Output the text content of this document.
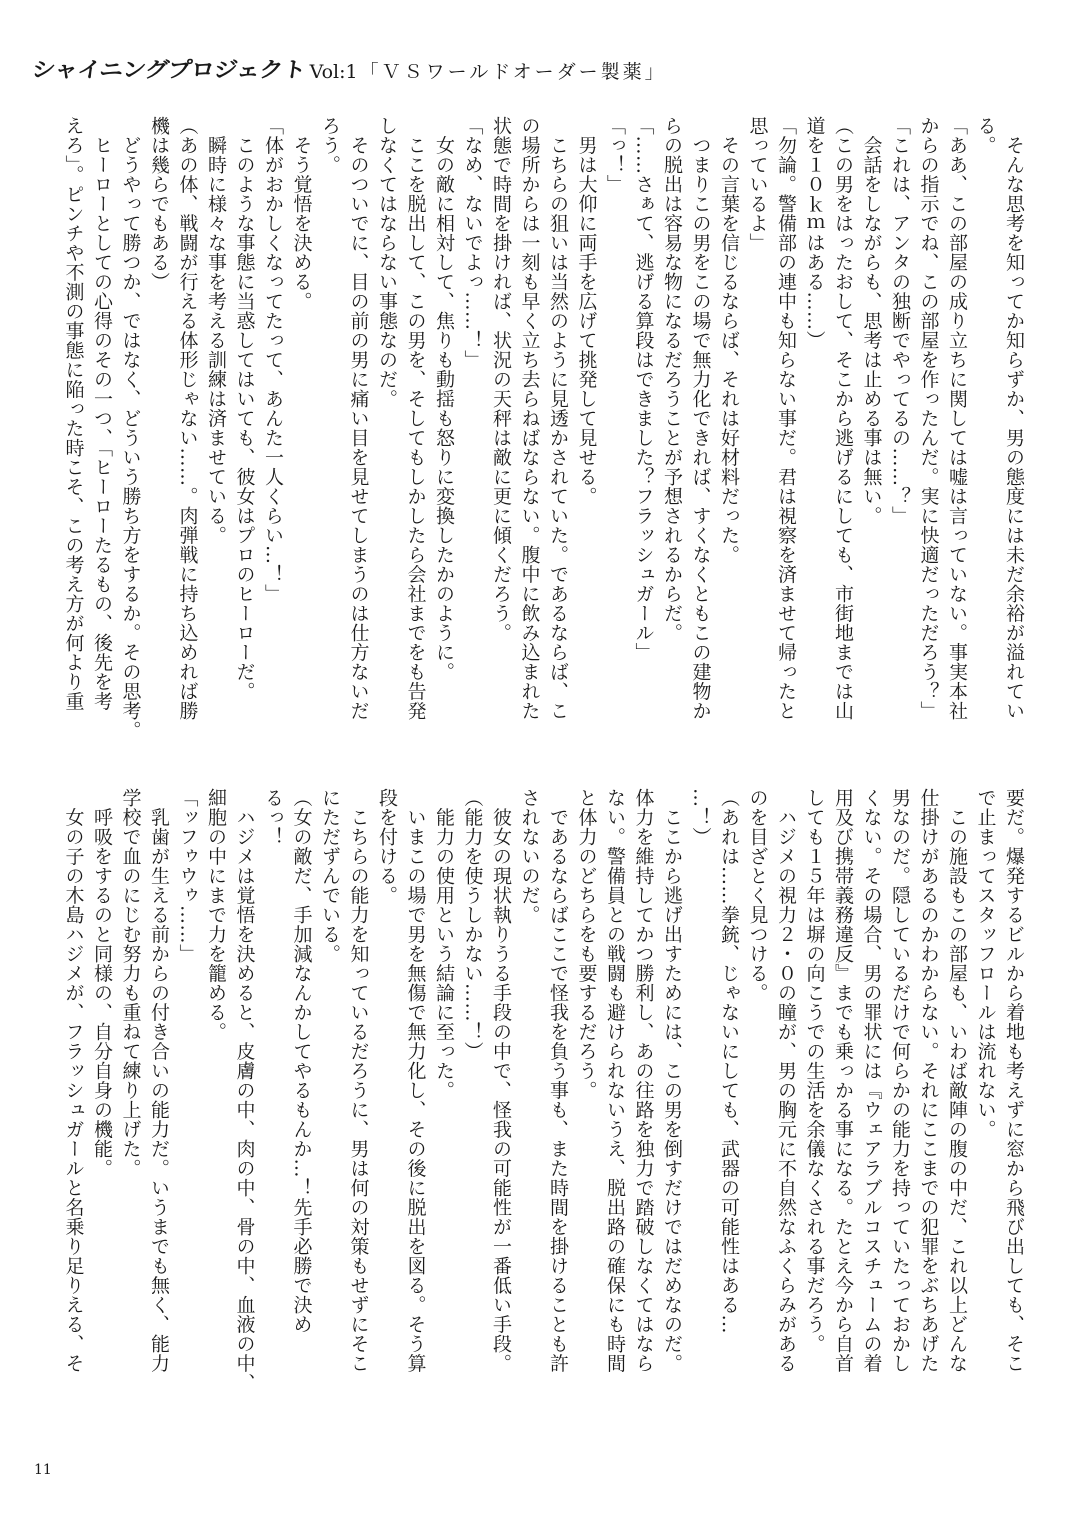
シャイニングプロジェクト Vol:1 「ＶＳワールドオーダー製薬」
　そんな思考を知ってか知らずか、男の態度には未だ余裕が溢れてい
る。
「ああ、この部屋の成り立ちに関しては嘘は言っていない。事実本社
からの指示でね、この部屋を作ったんだ。実に快適だっただろう？」
「これは、アンタの独断でやってるの……？」
　会話をしながらも、思考は止める事は無い。
（この男をはったおして、そこから逃げるにしても、市街地までは山
道を１０ｋｍはある……）
「勿論。警備部の連中も知らない事だ。君は視察を済ませて帰ったと
思っているよ」
　その言葉を信じるならば、それは好材料だった。
　つまりこの男をこの場で無力化できれば、すくなくともこの建物か
らの脱出は容易な物になるだろうことが予想されるからだ。
「……さぁて、逃げる算段はできました？フラッシュガール」
「っ！」
　男は大仰に両手を広げて挑発して見せる。
　こちらの狙いは当然のように見透かされていた。であるならば、こ
の場所からは一刻も早く立ち去らねばならない。腹中に飲み込まれた
状態で時間を掛ければ、状況の天秤は敵に更に傾くだろう。
「なめ、ないでよっ……！」
　女の敵に相対して、焦りも動揺も怒りに変換したかのように。
　ここを脱出して、この男を、そしてもしかしたら会社までをも告発
しなくてはならない事態なのだ。
　そのついでに、目の前の男に痛い目を見せてしまうのは仕方ないだ
ろう。
　そう覚悟を決める。
「体がおかしくなってたって、あんた一人くらい…！」
　このような事態に当惑してはいても、彼女はプロのヒーローだ。
　瞬時に様々な事を考える訓練は済ませている。
（あの体、戦闘が行える体形じゃない……。肉弾戦に持ち込めれば勝
機は幾らでもある）
　どうやって勝つか、ではなく、どういう勝ち方をするか。その思考。
　ヒーローとしての心得のその一つ、「ヒーローたるもの、後先を考
えろ」。ピンチや不測の事態に陥った時こそ、この考え方が何より重
要だ。爆発するビルから着地も考えずに窓から飛び出しても、そこ
で止まってスタッフロールは流れない。
　この施設もこの部屋も、いわば敵陣の腹の中だ、これ以上どんな
仕掛けがあるのかわからない。それにここまでの犯罪をぶちあげた
男なのだ。隠しているだけで何らかの能力を持っていたっておかし
くない。その場合、男の罪状には『ウェアラブルコスチュームの着
用及び携帯義務違反』までも乗っかる事になる。たとえ今から自首
しても１５年は塀の向こうでの生活を余儀なくされる事だろう。
　ハジメの視力２・０の瞳が、男の胸元に不自然なふくらみがある
のを目ざとく見つける。
（あれは……拳銃、じゃないにしても、武器の可能性はある…
…！）
　ここから逃げ出すためには、この男を倒すだけではだめなのだ。
体力を維持してかつ勝利し、あの往路を独力で踏破しなくてはなら
ない。警備員との戦闘も避けられないうえ、脱出路の確保にも時間
と体力のどちらをも要するだろう。
　であるならばここで怪我を負う事も、また時間を掛けることも許
されないのだ。
　彼女の現状執りうる手段の中で、怪我の可能性が一番低い手段。
（能力を使うしかない……！）
　能力の使用という結論に至った。
　いまこの場で男を無傷で無力化し、その後に脱出を図る。そう算
段を付ける。
　こちらの能力を知っているだろうに、男は何の対策もせずにそこ
にただずんでいる。
（女の敵だ、手加減なんかしてやるもんか…！先手必勝で決め
るっ！
　ハジメは覚悟を決めると、皮膚の中、肉の中、骨の中、血液の中、
細胞の中にまで力を籠める。
「ッフゥウゥ……」
　乳歯が生える前からの付き合いの能力だ。いうまでも無く、能力
学校で血のにじむ努力も重ねて練り上げた。
　呼吸をするのと同様の、自分自身の機能。
　女の子の木島ハジメが、フラッシュガールと名乗り足りえる、そ
11
